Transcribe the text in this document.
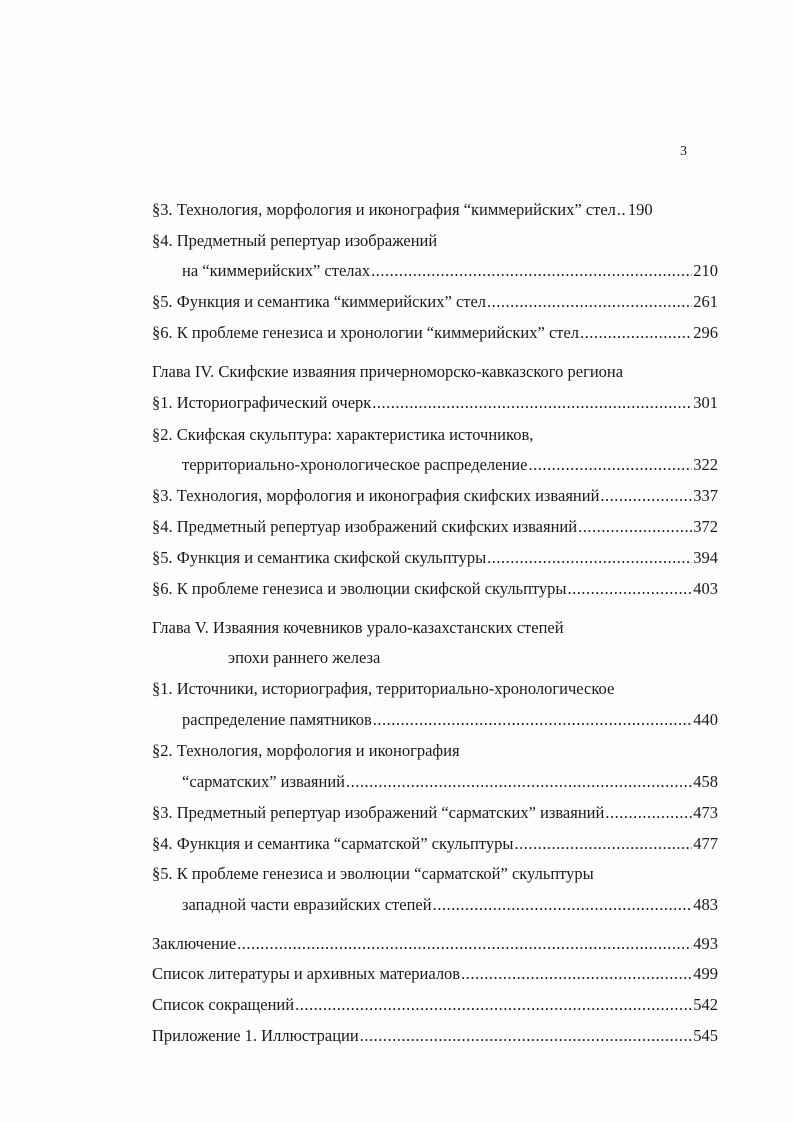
3
§3. Технология, морфология и иконография “киммерийских” стел ..... 190
§4. Предметный репертуар изображений
на “киммерийских” стелах .....	210
§5. Функция и семантика “киммерийских” стел .....	261
§6. К проблеме генезиса и хронологии “киммерийских” стел .....	296
Глава IV. Скифские изваяния причерноморско-кавказского региона
§1. Историографический очерк .....	301
§2. Скифская скульптура: характеристика источников,
территориально-хронологическое распределение .....	322
§3. Технология, морфология и иконография скифских изваяний .....	337
§4. Предметный репертуар изображений скифских изваяний .....	372
§5. Функция и семантика скифской скульптуры .....	394
§6. К проблеме генезиса и эволюции скифской скульптуры .....	403
Глава V. Изваяния кочевников урало-казахстанских степей
эпохи раннего железа
§1. Источники, историография, территориально-хронологическое
распределение памятников .....	440
§2. Технология, морфология и иконография
“сарматских” изваяний .....	458
§3. Предметный репертуар изображений “сарматских” изваяний .....	473
§4. Функция и семантика “сарматской” скульптуры .....	477
§5. К проблеме генезиса и эволюции “сарматской” скульптуры
западной части евразийских степей .....	483
Заключение .....	493
Список литературы и архивных материалов .....	499
Список сокращений .....	542
Приложение 1. Иллюстрации .....	545
